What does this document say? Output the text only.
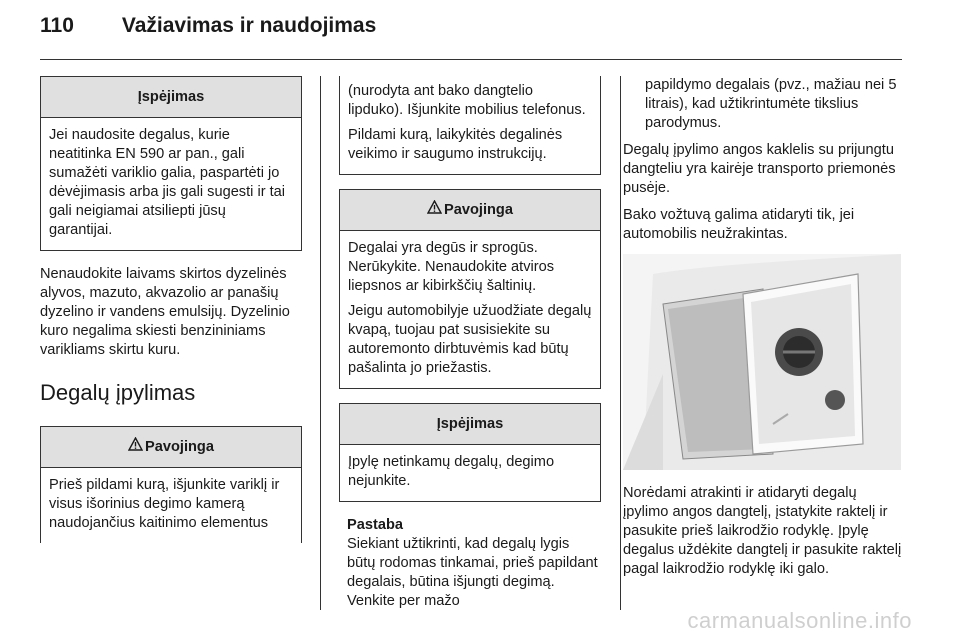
110 Važiavimas ir naudojimas
Įspėjimas

Jei naudosite degalus, kurie neatitinka EN 590 ar pan., gali sumažėti variklio galia, paspartėti jo dėvėjimasis arba jis gali sugesti ir tai gali neigiamai atsiliepti jūsų garantijai.

Nenaudokite laivams skirtos dyzelinės alyvos, mazuto, akvazolio ar panašių dyzelino ir vandens emulsijų. Dyzelinio kuro negalima skiesti benzininiams varikliams skirtu kuru.

Degalų įpylimas
Pavojinga

Prieš pildami kurą, išjunkite variklį ir visus išorinius degimo kamerą naudojančius kaitinimo elementus

(nurodyta ant bako dangtelio lipduko). Išjunkite mobilius telefonus.

Pildami kurą, laikykitės degalinės veikimo ir saugumo instrukcijų.

Pavojinga

Degalai yra degūs ir sprogūs. Nerūkykite. Nenaudokite atviros liepsnos ar kibirkščių šaltinių.

Jeigu automobilyje užuodžiate degalų kvapą, tuojau pat susisiekite su autoremonto dirbtuvėmis kad būtų pašalinta jo priežastis.

Įspėjimas

Įpylę netinkamų degalų, degimo nejunkite.

Pastaba
Siekiant užtikrinti, kad degalų lygis būtų rodomas tinkamai, prieš papildant degalais, būtina išjungti degimą. Venkite per mažo

papildymo degalais (pvz., mažiau nei 5 litrais), kad užtikrintumėte tikslius parodymus.

Degalų įpylimo angos kaklelis su prijungtu dangteliu yra kairėje transporto priemonės pusėje.

Bako vožtuvą galima atidaryti tik, jei automobilis neužrakintas.

Norėdami atrakinti ir atidaryti degalų įpylimo angos dangtelį, įstatykite raktelį ir pasukite prieš laikrodžio rodyklę. Įpylę degalus uždėkite dangtelį ir pasukite raktelį pagal laikrodžio rodyklę iki galo.

carmanualsonline.info
